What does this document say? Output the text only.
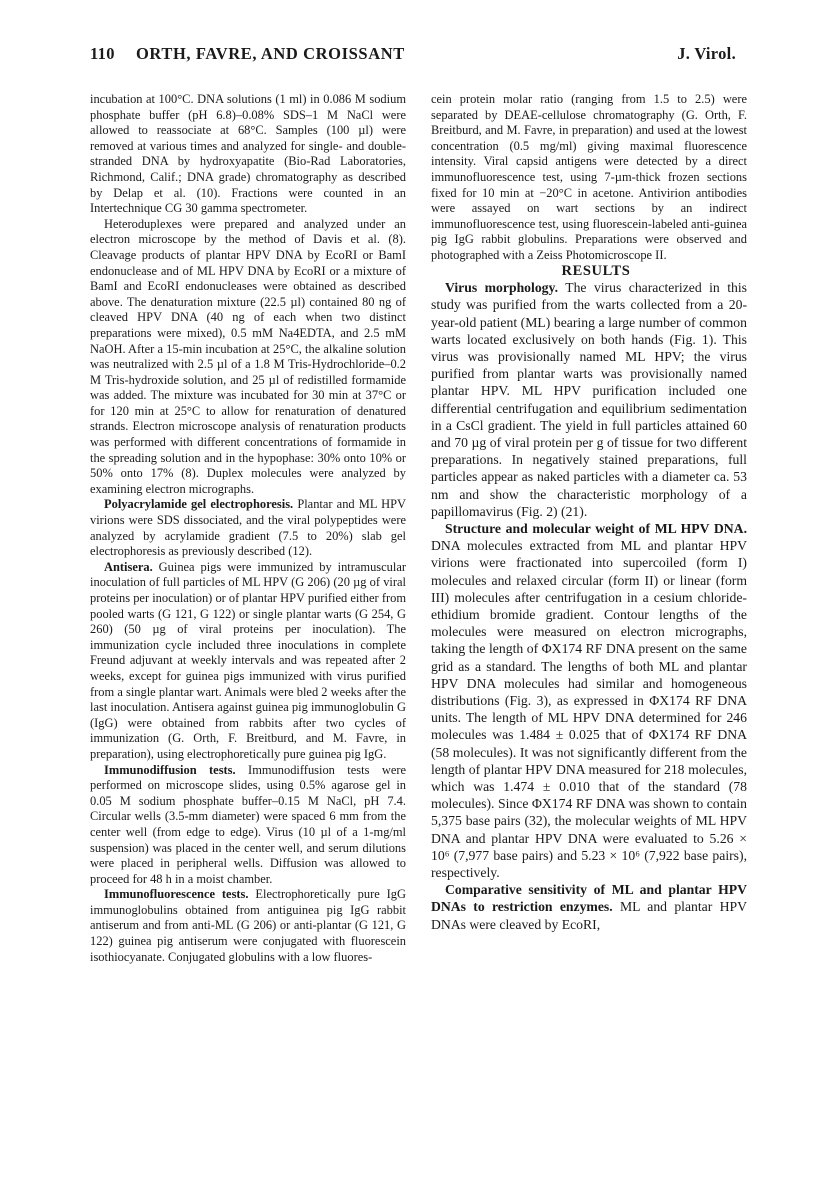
110 ORTH, FAVRE, AND CROISSANT	J. Virol.

incubation at 100°C. DNA solutions (1 ml) in 0.086 M sodium phosphate buffer (pH 6.8)–0.08% SDS–1 M NaCl were allowed to reassociate at 68°C. Samples (100 µl) were removed at various times and analyzed for single- and double-stranded DNA by hydroxyapatite (Bio-Rad Laboratories, Richmond, Calif.; DNA grade) chromatography as described by Delap et al. (10). Fractions were counted in an Intertechnique CG 30 gamma spectrometer.

Heteroduplexes were prepared and analyzed under an electron microscope by the method of Davis et al. (8). Cleavage products of plantar HPV DNA by EcoRI or BamI endonuclease and of ML HPV DNA by EcoRI or a mixture of BamI and EcoRI endonucleases were obtained as described above. The denaturation mixture (22.5 µl) contained 80 ng of cleaved HPV DNA (40 ng of each when two distinct preparations were mixed), 0.5 mM Na4EDTA, and 2.5 mM NaOH. After a 15-min incubation at 25°C, the alkaline solution was neutralized with 2.5 µl of a 1.8 M Tris-Hydrochloride–0.2 M Tris-hydroxide solution, and 25 µl of redistilled formamide was added. The mixture was incubated for 30 min at 37°C or for 120 min at 25°C to allow for renaturation of denatured strands. Electron microscope analysis of renaturation products was performed with different concentrations of formamide in the spreading solution and in the hypophase: 30% onto 10% or 50% onto 17% (8). Duplex molecules were analyzed by examining electron micrographs.

Polyacrylamide gel electrophoresis. Plantar and ML HPV virions were SDS dissociated, and the viral polypeptides were analyzed by acrylamide gradient (7.5 to 20%) slab gel electrophoresis as previously described (12).

Antisera. Guinea pigs were immunized by intramuscular inoculation of full particles of ML HPV (G 206) (20 µg of viral proteins per inoculation) or of plantar HPV purified either from pooled warts (G 121, G 122) or single plantar warts (G 254, G 260) (50 µg of viral proteins per inoculation). The immunization cycle included three inoculations in complete Freund adjuvant at weekly intervals and was repeated after 2 weeks, except for guinea pigs immunized with virus purified from a single plantar wart. Animals were bled 2 weeks after the last inoculation. Antisera against guinea pig immunoglobulin G (IgG) were obtained from rabbits after two cycles of immunization (G. Orth, F. Breitburd, and M. Favre, in preparation), using electrophoretically pure guinea pig IgG.

Immunodiffusion tests. Immunodiffusion tests were performed on microscope slides, using 0.5% agarose gel in 0.05 M sodium phosphate buffer–0.15 M NaCl, pH 7.4. Circular wells (3.5-mm diameter) were spaced 6 mm from the center well (from edge to edge). Virus (10 µl of a 1-mg/ml suspension) was placed in the center well, and serum dilutions were placed in peripheral wells. Diffusion was allowed to proceed for 48 h in a moist chamber.

Immunofluorescence tests. Electrophoretically pure IgG immunoglobulins obtained from antiguinea pig IgG rabbit antiserum and from anti-ML (G 206) or anti-plantar (G 121, G 122) guinea pig antiserum were conjugated with fluorescein isothiocyanate. Conjugated globulins with a low fluores-

cein protein molar ratio (ranging from 1.5 to 2.5) were separated by DEAE-cellulose chromatography (G. Orth, F. Breitburd, and M. Favre, in preparation) and used at the lowest concentration (0.5 mg/ml) giving maximal fluorescence intensity. Viral capsid antigens were detected by a direct immunofluorescence test, using 7-µm-thick frozen sections fixed for 10 min at −20°C in acetone. Antivirion antibodies were assayed on wart sections by an indirect immunofluorescence test, using fluorescein-labeled anti-guinea pig IgG rabbit globulins. Preparations were observed and photographed with a Zeiss Photomicroscope II.

RESULTS

Virus morphology. The virus characterized in this study was purified from the warts collected from a 20-year-old patient (ML) bearing a large number of common warts located exclusively on both hands (Fig. 1). This virus was provisionally named ML HPV; the virus purified from plantar warts was provisionally named plantar HPV. ML HPV purification included one differential centrifugation and equilibrium sedimentation in a CsCl gradient. The yield in full particles attained 60 and 70 µg of viral protein per g of tissue for two different preparations. In negatively stained preparations, full particles appear as naked particles with a diameter ca. 53 nm and show the characteristic morphology of a papillomavirus (Fig. 2) (21).

Structure and molecular weight of ML HPV DNA. DNA molecules extracted from ML and plantar HPV virions were fractionated into supercoiled (form I) molecules and relaxed circular (form II) or linear (form III) molecules after centrifugation in a cesium chloride-ethidium bromide gradient. Contour lengths of the molecules were measured on electron micrographs, taking the length of ΦX174 RF DNA present on the same grid as a standard. The lengths of both ML and plantar HPV DNA molecules had similar and homogeneous distributions (Fig. 3), as expressed in ΦX174 RF DNA units. The length of ML HPV DNA determined for 246 molecules was 1.484 ± 0.025 that of ΦX174 RF DNA (58 molecules). It was not significantly different from the length of plantar HPV DNA measured for 218 molecules, which was 1.474 ± 0.010 that of the standard (78 molecules). Since ΦX174 RF DNA was shown to contain 5,375 base pairs (32), the molecular weights of ML HPV DNA and plantar HPV DNA were evaluated to 5.26 × 10⁶ (7,977 base pairs) and 5.23 × 10⁶ (7,922 base pairs), respectively.

Comparative sensitivity of ML and plantar HPV DNAs to restriction enzymes. ML and plantar HPV DNAs were cleaved by EcoRI,
